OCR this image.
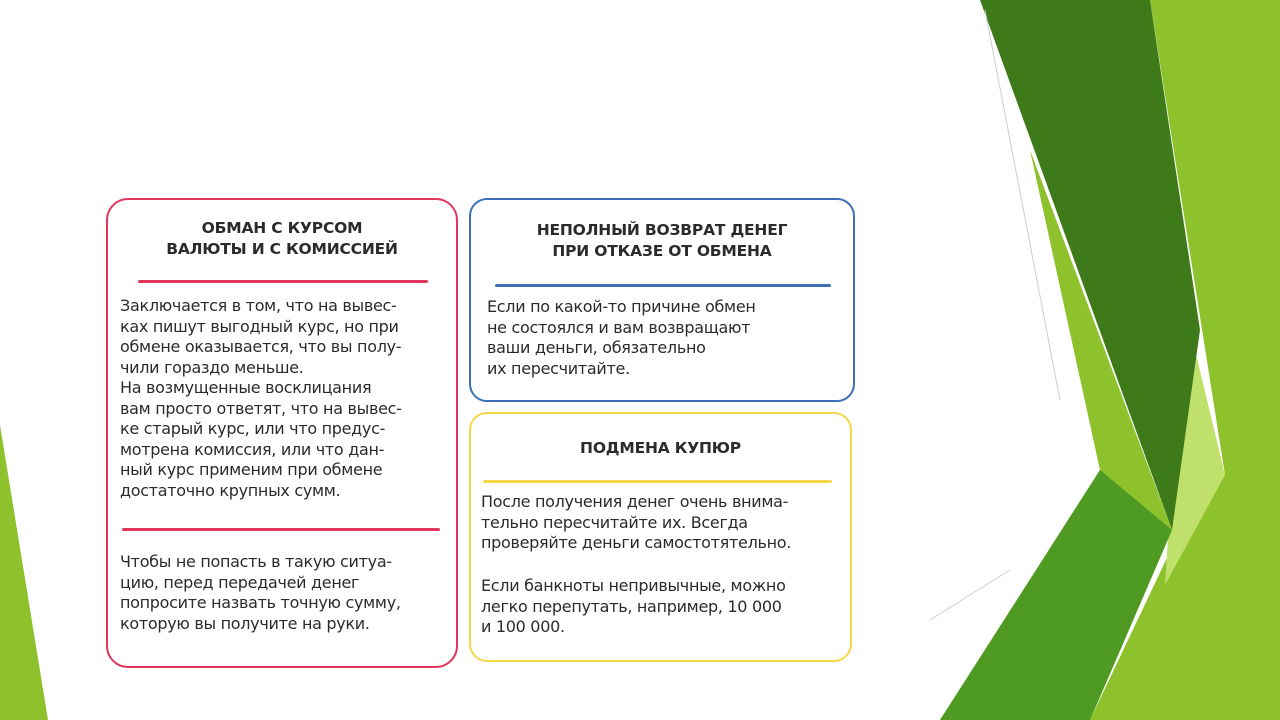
ОБМАН С КУРСОМ
ВАЛЮТЫ И С КОМИССИЕЙ

Заключается в том, что на вывес-
ках пишут выгодный курс, но при
обмене оказывается, что вы полу-
чили гораздо меньше.
На возмущенные восклицания
вам просто ответят, что на вывес-
ке старый курс, или что предус-
мотрена комиссия, или что дан-
ный курс применим при обмене
достаточно крупных сумм.

Чтобы не попасть в такую ситуа-
цию, перед передачей денег
попросите назвать точную сумму,
которую вы получите на руки.

НЕПОЛНЫЙ ВОЗВРАТ ДЕНЕГ
ПРИ ОТКАЗЕ ОТ ОБМЕНА

Если по какой-то причине обмен
не состоялся и вам возвращают
ваши деньги, обязательно
их пересчитайте.

ПОДМЕНА КУПЮР

После получения денег очень внима-
тельно пересчитайте их. Всегда
проверяйте деньги самостотятельно.

Если банкноты непривычные, можно
легко перепутать, например, 10 000
и 100 000.
